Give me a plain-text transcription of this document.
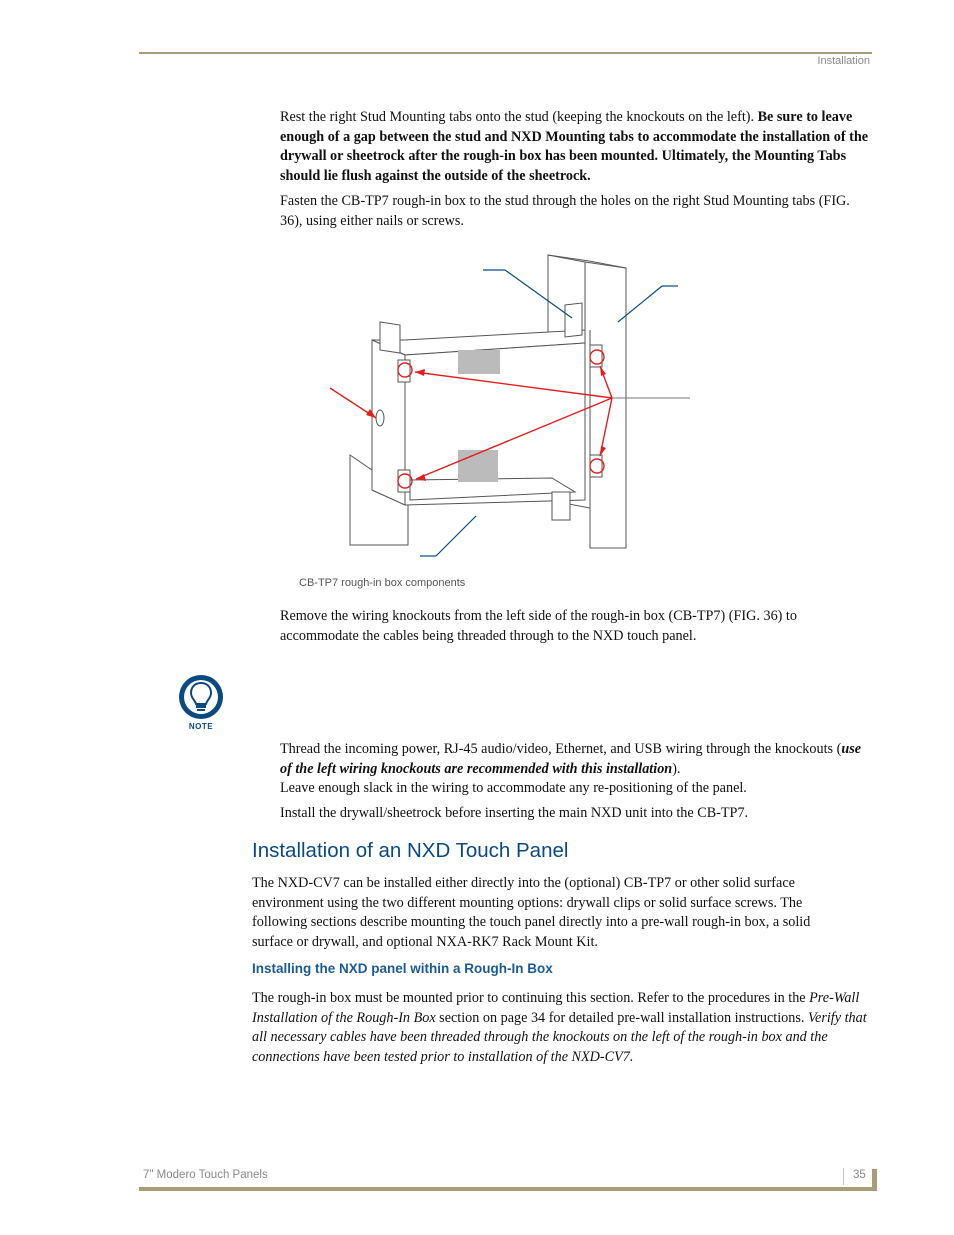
Installation

Rest the right Stud Mounting tabs onto the stud (keeping the knockouts on the left). Be sure to leave enough of a gap between the stud and NXD Mounting tabs to accommodate the installation of the drywall or sheetrock after the rough-in box has been mounted. Ultimately, the Mounting Tabs should lie flush against the outside of the sheetrock.

Fasten the CB-TP7 rough-in box to the stud through the holes on the right Stud Mounting tabs (FIG. 36), using either nails or screws.

CB-TP7 rough-in box components

Remove the wiring knockouts from the left side of the rough-in box (CB-TP7) (FIG. 36) to accommodate the cables being threaded through to the NXD touch panel.

NOTE

Thread the incoming power, RJ-45 audio/video, Ethernet, and USB wiring through the knockouts (use of the left wiring knockouts are recommended with this installation).

Leave enough slack in the wiring to accommodate any re-positioning of the panel.

Install the drywall/sheetrock before inserting the main NXD unit into the CB-TP7.

Installation of an NXD Touch Panel

The NXD-CV7 can be installed either directly into the (optional) CB-TP7 or other solid surface environment using the two different mounting options: drywall clips or solid surface screws. The following sections describe mounting the touch panel directly into a pre-wall rough-in box, a solid surface or drywall, and optional NXA-RK7 Rack Mount Kit.

Installing the NXD panel within a Rough-In Box

The rough-in box must be mounted prior to continuing this section. Refer to the procedures in the Pre-Wall Installation of the Rough-In Box section on page 34 for detailed pre-wall installation instructions. Verify that all necessary cables have been threaded through the knockouts on the left of the rough-in box and the connections have been tested prior to installation of the NXD-CV7.

7" Modero Touch Panels	35
